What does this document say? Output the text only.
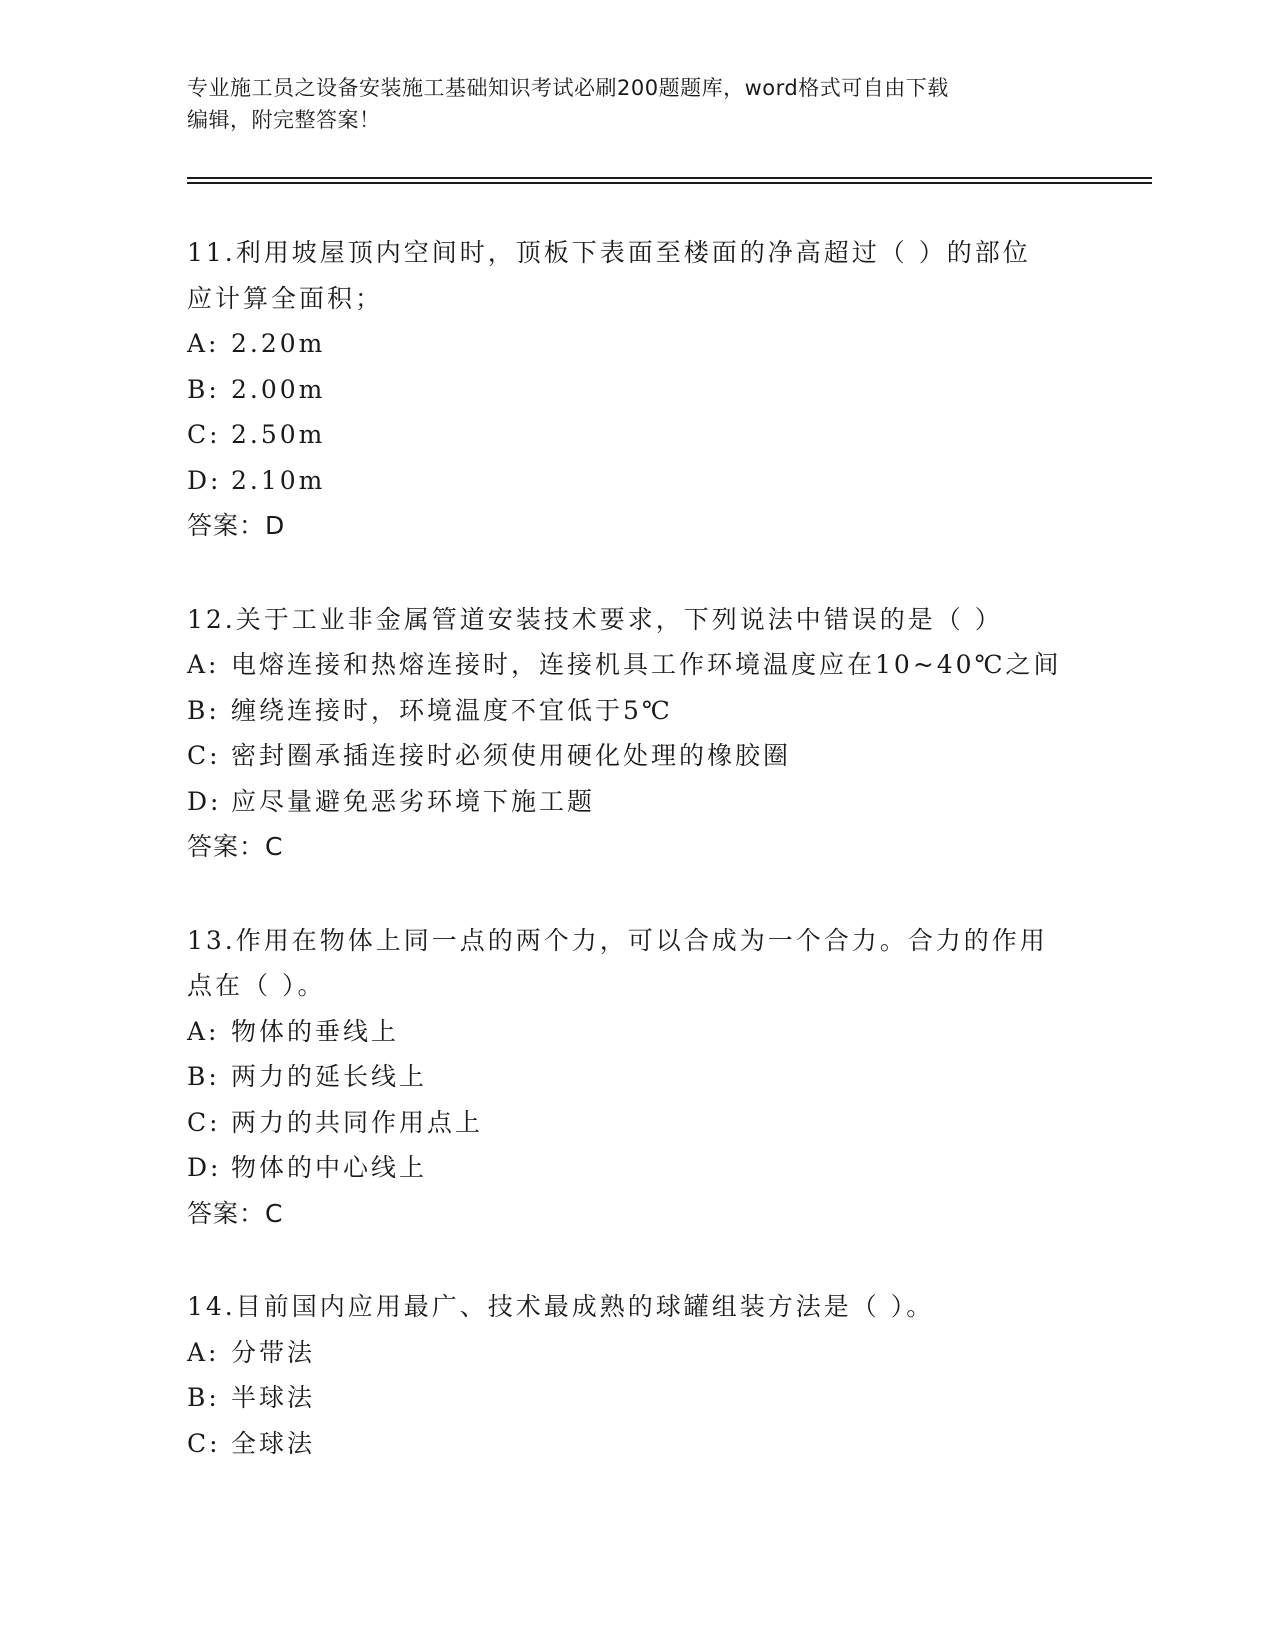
专业施工员之设备安装施工基础知识考试必刷200题题库，word格式可自由下载
编辑，附完整答案！
11.利用坡屋顶内空间时，顶板下表面至楼面的净高超过（ ）的部位
应计算全面积；
A: 2.20m
B: 2.00m
C: 2.50m
D: 2.10m
答案：D
12.关于工业非金属管道安装技术要求，下列说法中错误的是（ ）
A: 电熔连接和热熔连接时，连接机具工作环境温度应在10~40℃之间
B: 缠绕连接时，环境温度不宜低于5℃
C: 密封圈承插连接时必须使用硬化处理的橡胶圈
D: 应尽量避免恶劣环境下施工题
答案：C
13.作用在物体上同一点的两个力，可以合成为一个合力。合力的作用
点在（ ）。
A: 物体的垂线上
B: 两力的延长线上
C: 两力的共同作用点上
D: 物体的中心线上
答案：C
14.目前国内应用最广、技术最成熟的球罐组装方法是（ ）。
A: 分带法
B: 半球法
C: 全球法
